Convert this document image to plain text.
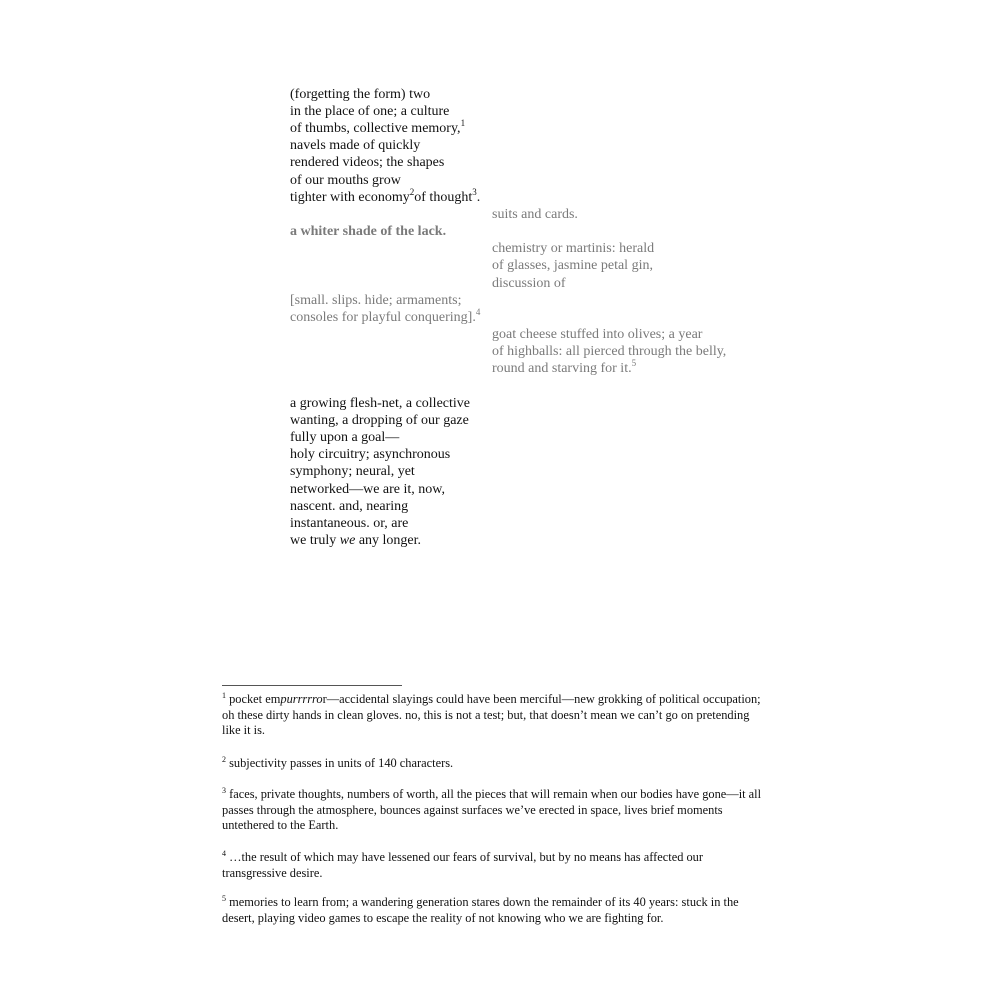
(forgetting the form) two
in the place of one; a culture
of thumbs, collective memory,$^1$
navels made of quickly
rendered videos; the shapes
of our mouths grow
tighter with economy$^2$of thought$^3$.
suits and cards.
a whiter shade of the lack.
chemistry or martinis: herald
of glasses, jasmine petal gin,
discussion of
[small. slips. hide; armaments;
consoles for playful conquering].$^4$
goat cheese stuffed into olives; a year
of highballs: all pierced through the belly,
round and starving for it.$^5$
a growing flesh-net, a collective
wanting, a dropping of our gaze
fully upon a goal—
holy circuitry; asynchronous
symphony; neural, yet
networked—we are it, now,
nascent. and, nearing
instantaneous. or, are
we truly we any longer.
$^1$ pocket empurrrrror—accidental slayings could have been merciful—new grokking of political occupation; oh these dirty hands in clean gloves. no, this is not a test; but, that doesn’t mean we can’t go on pretending like it is.
$^2$ subjectivity passes in units of 140 characters.
$^3$ faces, private thoughts, numbers of worth, all the pieces that will remain when our bodies have gone—it all passes through the atmosphere, bounces against surfaces we’ve erected in space, lives brief moments untethered to the Earth.
$^4$ …the result of which may have lessened our fears of survival, but by no means has affected our transgressive desire.
$^5$ memories to learn from; a wandering generation stares down the remainder of its 40 years: stuck in the desert, playing video games to escape the reality of not knowing who we are fighting for.
